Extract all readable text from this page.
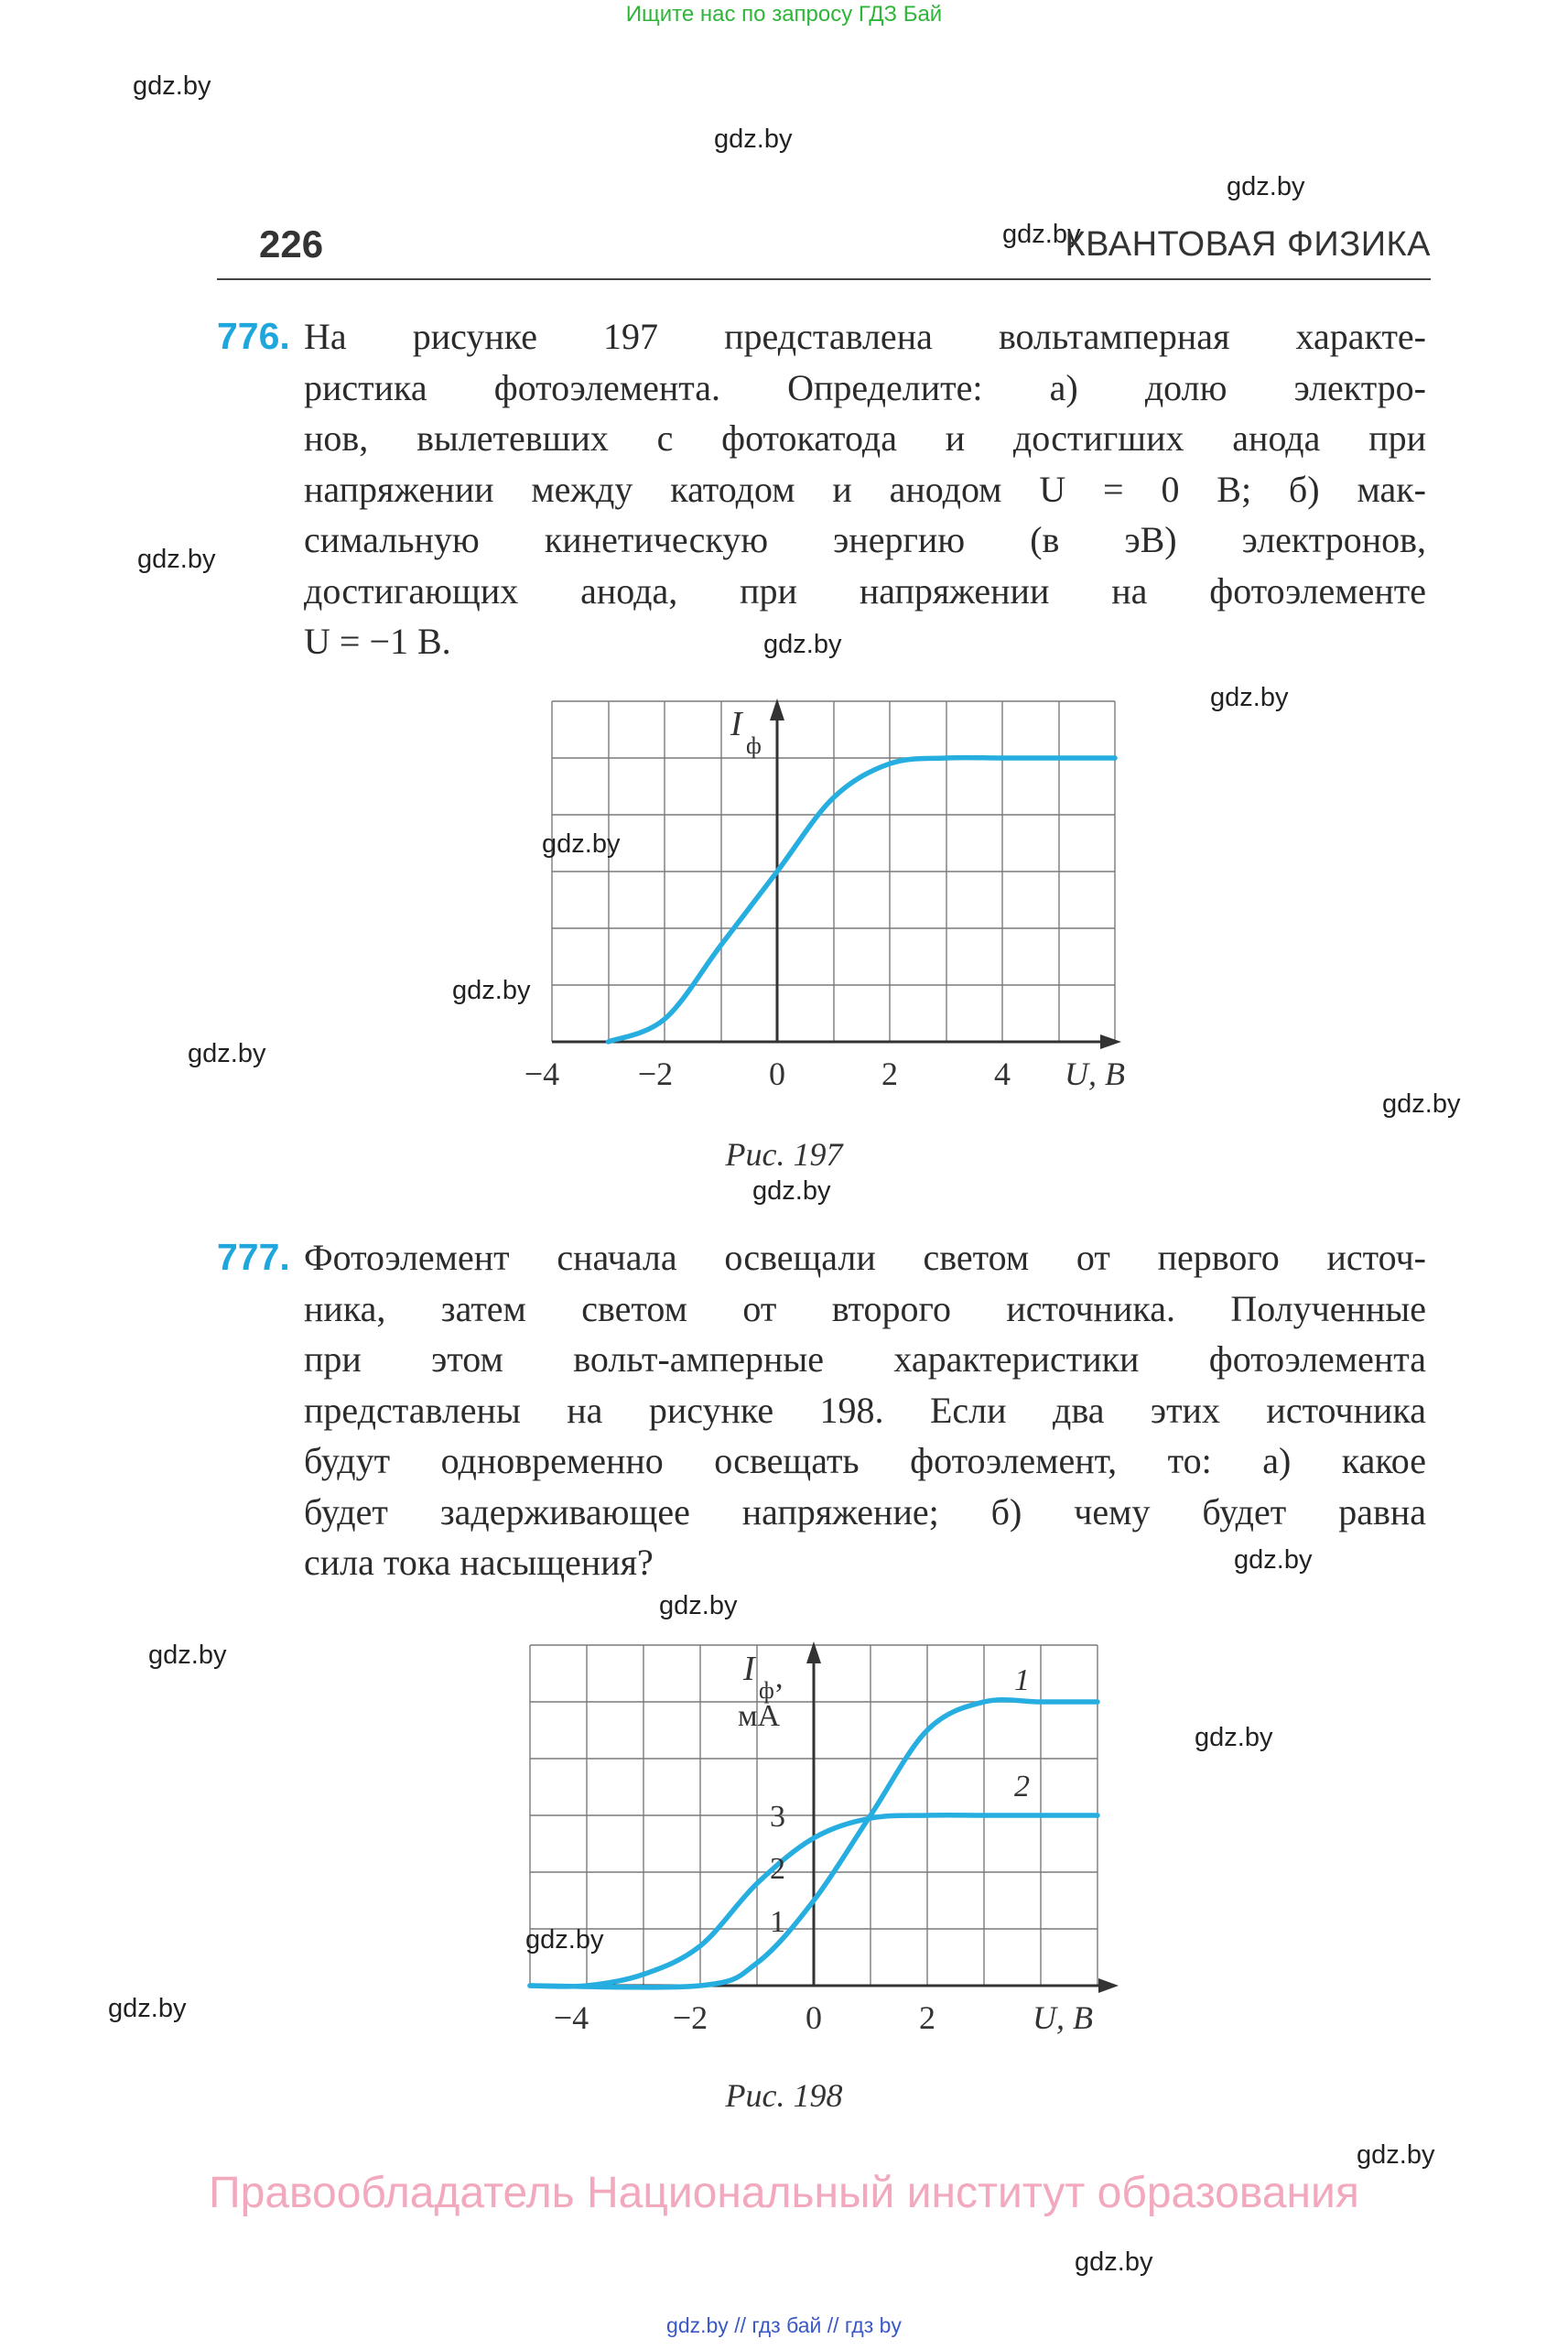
Ищите нас по запросу ГДЗ Бай
gdz.by
gdz.by
gdz.by
gdz.by
226	КВАНТОВАЯ ФИЗИКА
776. На рисунке 197 представлена вольтамперная характе-
ристика фотоэлемента. Определите: а) долю электро-
нов, вылетевших с фотокатода и достигших анода при
напряжении между катодом и анодом U = 0 В; б) мак-
симальную кинетическую энергию (в эВ) электронов,
достигающих анода, при напряжении на фотоэлементе
U = −1 В.
gdz.by
gdz.by
gdz.by
−4 −2	0	2	4 U, В
I
ф
gdz.by
gdz.by
gdz.by
gdz.by
Рис. 197
gdz.by
777. Фотоэлемент сначала освещали светом от первого источ-
ника, затем светом от второго источника. Полученные
при этом вольт-амперные характеристики фотоэлемента
представлены на рисунке 198. Если два этих источника
будут одновременно освещать фотоэлемент, то: а) какое
будет задерживающее напряжение; б) чему будет равна
сила тока насыщения?	gdz.by
gdz.by
gdz.by
gdz.by
1
2
3
2
1
−4	−2	0	2	U, В
I
ф ,
мА
gdz.by
gdz.by
Рис. 198
gdz.by
Правообладатель Национальный институт образования
gdz.by
gdz.by // гдз бай // гдз by
